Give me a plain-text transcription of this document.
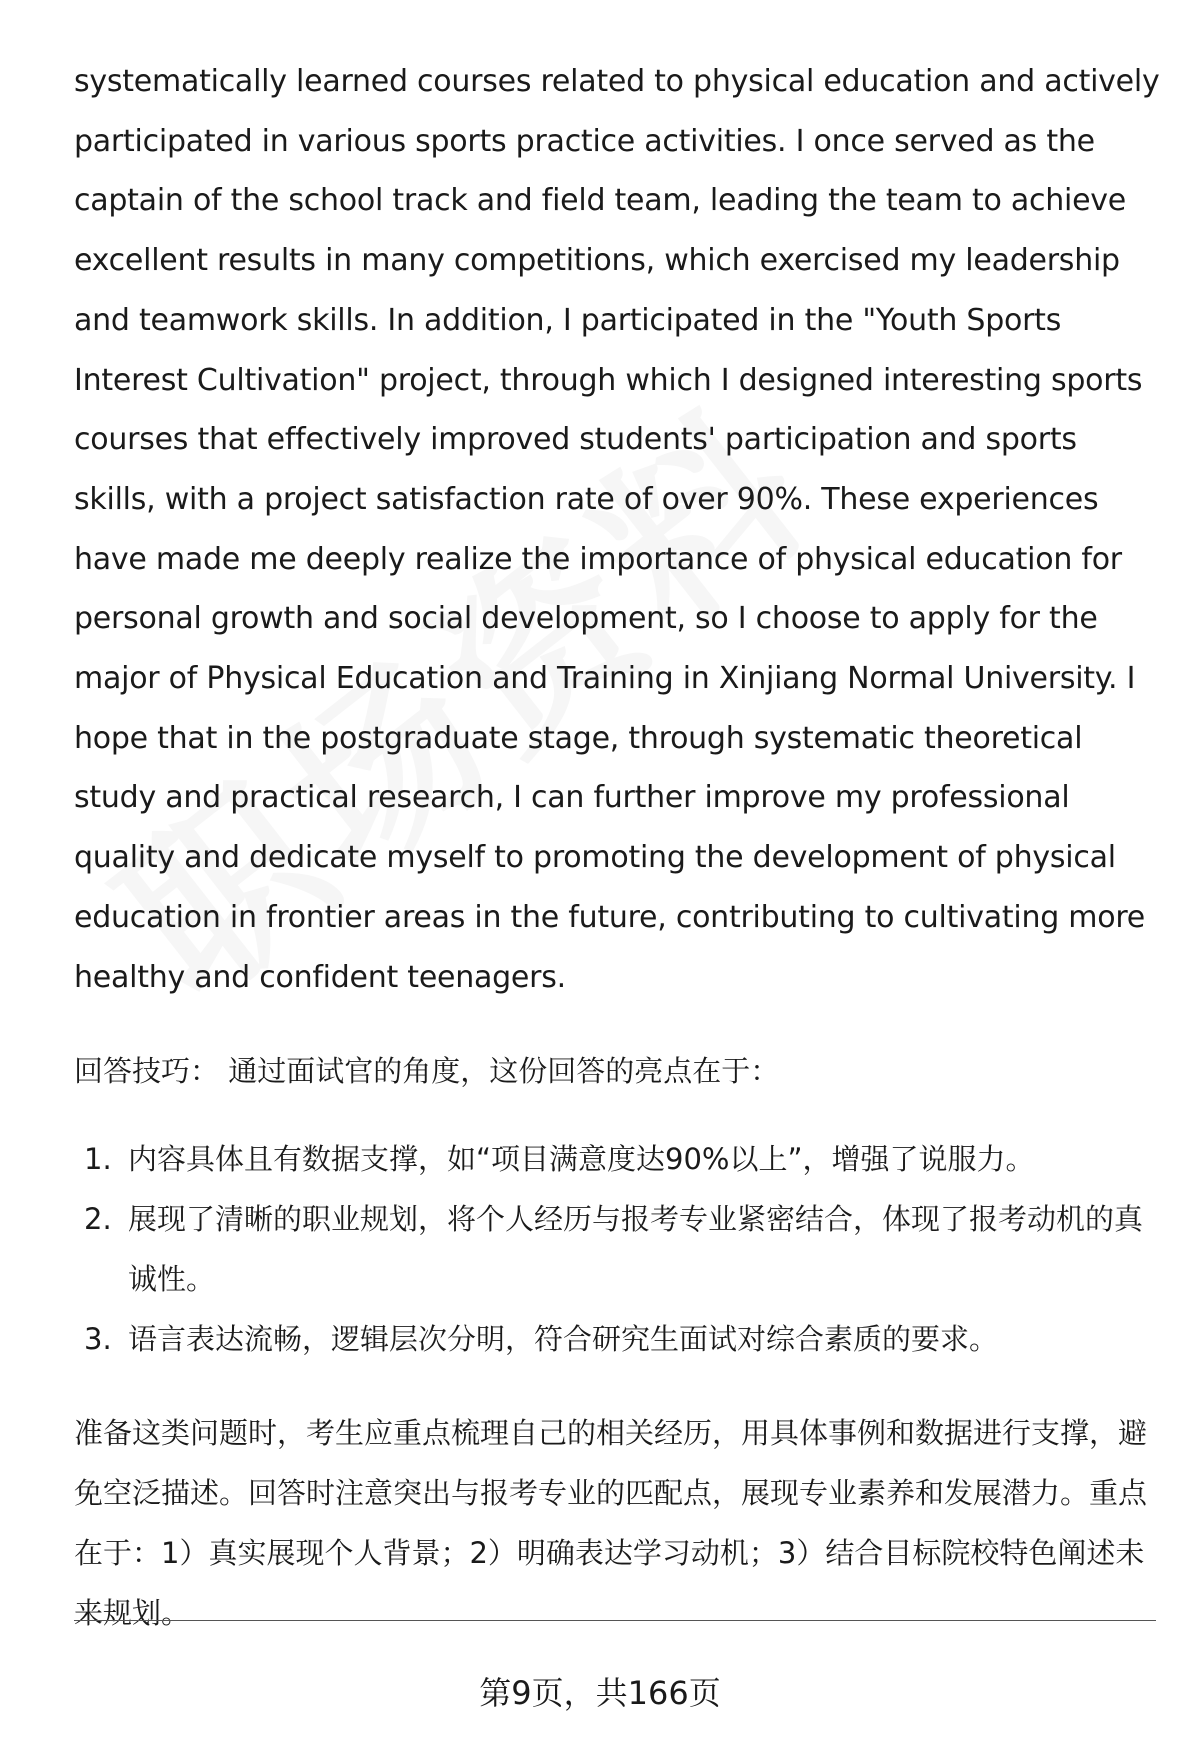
systematically learned courses related to physical education and actively participated in various sports practice activities. I once served as the captain of the school track and field team, leading the team to achieve excellent results in many competitions, which exercised my leadership and teamwork skills. In addition, I participated in the "Youth Sports Interest Cultivation" project, through which I designed interesting sports courses that effectively improved students' participation and sports skills, with a project satisfaction rate of over 90%. These experiences have made me deeply realize the importance of physical education for personal growth and social development, so I choose to apply for the major of Physical Education and Training in Xinjiang Normal University. I hope that in the postgraduate stage, through systematic theoretical study and practical research, I can further improve my professional quality and dedicate myself to promoting the development of physical education in frontier areas in the future, contributing to cultivating more healthy and confident teenagers.

回答技巧： 通过面试官的角度，这份回答的亮点在于：

1. 内容具体且有数据支撑，如“项目满意度达90%以上”，增强了说服力。
2. 展现了清晰的职业规划，将个人经历与报考专业紧密结合，体现了报考动机的真诚性。
3. 语言表达流畅，逻辑层次分明，符合研究生面试对综合素质的要求。

准备这类问题时，考生应重点梳理自己的相关经历，用具体事例和数据进行支撑，避免空泛描述。回答时注意突出与报考专业的匹配点，展现专业素养和发展潜力。重点在于：1）真实展现个人背景；2）明确表达学习动机；3）结合目标院校特色阐述未来规划。

第9页，共166页
